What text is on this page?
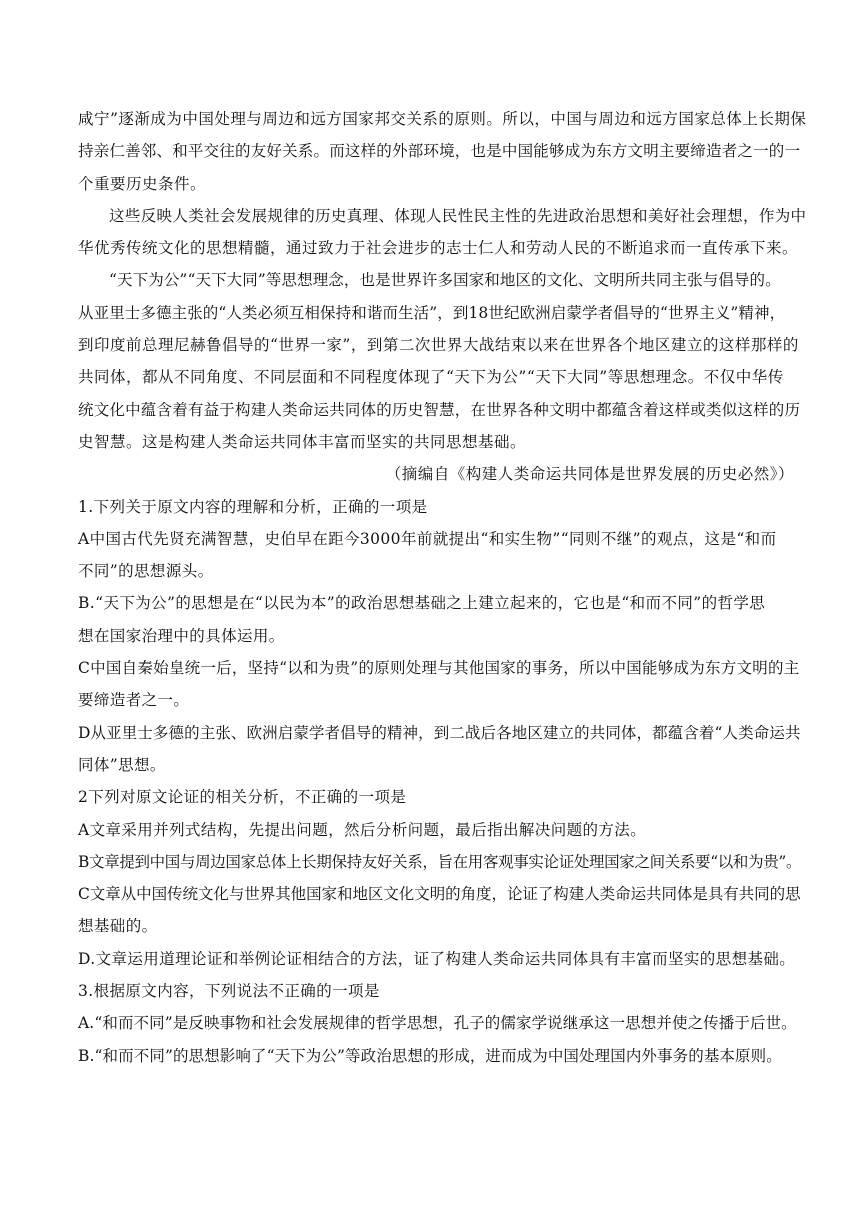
咸宁”逐渐成为中国处理与周边和远方国家邦交关系的原则。所以，中国与周边和远方国家总体上长期保
持亲仁善邻、和平交往的友好关系。而这样的外部环境，也是中国能够成为东方文明主要缔造者之一的一
个重要历史条件。
这些反映人类社会发展规律的历史真理、体现人民性民主性的先进政治思想和美好社会理想，作为中
华优秀传统文化的思想精髓，通过致力于社会进步的志士仁人和劳动人民的不断追求而一直传承下来。
“天下为公”“天下大同”等思想理念，也是世界许多国家和地区的文化、文明所共同主张与倡导的。
从亚里士多德主张的“人类必须互相保持和谐而生活”，到18世纪欧洲启蒙学者倡导的“世界主义”精神，
到印度前总理尼赫鲁倡导的“世界一家”，到第二次世界大战结束以来在世界各个地区建立的这样那样的
共同体，都从不同角度、不同层面和不同程度体现了“天下为公”“天下大同”等思想理念。不仅中华传
统文化中蕴含着有益于构建人类命运共同体的历史智慧，在世界各种文明中都蕴含着这样或类似这样的历
史智慧。这是构建人类命运共同体丰富而坚实的共同思想基础。
（摘编自《构建人类命运共同体是世界发展的历史必然》）
1.下列关于原文内容的理解和分析，正确的一项是
A中国古代先贤充满智慧，史伯早在距今3000年前就提出“和实生物”“同则不继”的观点，这是“和而
不同”的思想源头。
B.“天下为公”的思想是在“以民为本”的政治思想基础之上建立起来的，它也是“和而不同”的哲学思
想在国家治理中的具体运用。
C中国自秦始皇统一后，坚持“以和为贵”的原则处理与其他国家的事务，所以中国能够成为东方文明的主
要缔造者之一。
D从亚里士多德的主张、欧洲启蒙学者倡导的精神，到二战后各地区建立的共同体，都蕴含着“人类命运共
同体”思想。
2下列对原文论证的相关分析，不正确的一项是
A文章采用并列式结构，先提出问题，然后分析问题，最后指出解决问题的方法。
B文章提到中国与周边国家总体上长期保持友好关系，旨在用客观事实论证处理国家之间关系要“以和为贵”。
C文章从中国传统文化与世界其他国家和地区文化文明的角度，论证了构建人类命运共同体是具有共同的思
想基础的。
D.文章运用道理论证和举例论证相结合的方法，证了构建人类命运共同体具有丰富而坚实的思想基础。
3.根据原文内容，下列说法不正确的一项是
A.“和而不同”是反映事物和社会发展规律的哲学思想，孔子的儒家学说继承这一思想并使之传播于后世。
B.“和而不同”的思想影响了“天下为公”等政治思想的形成，进而成为中国处理国内外事务的基本原则。
